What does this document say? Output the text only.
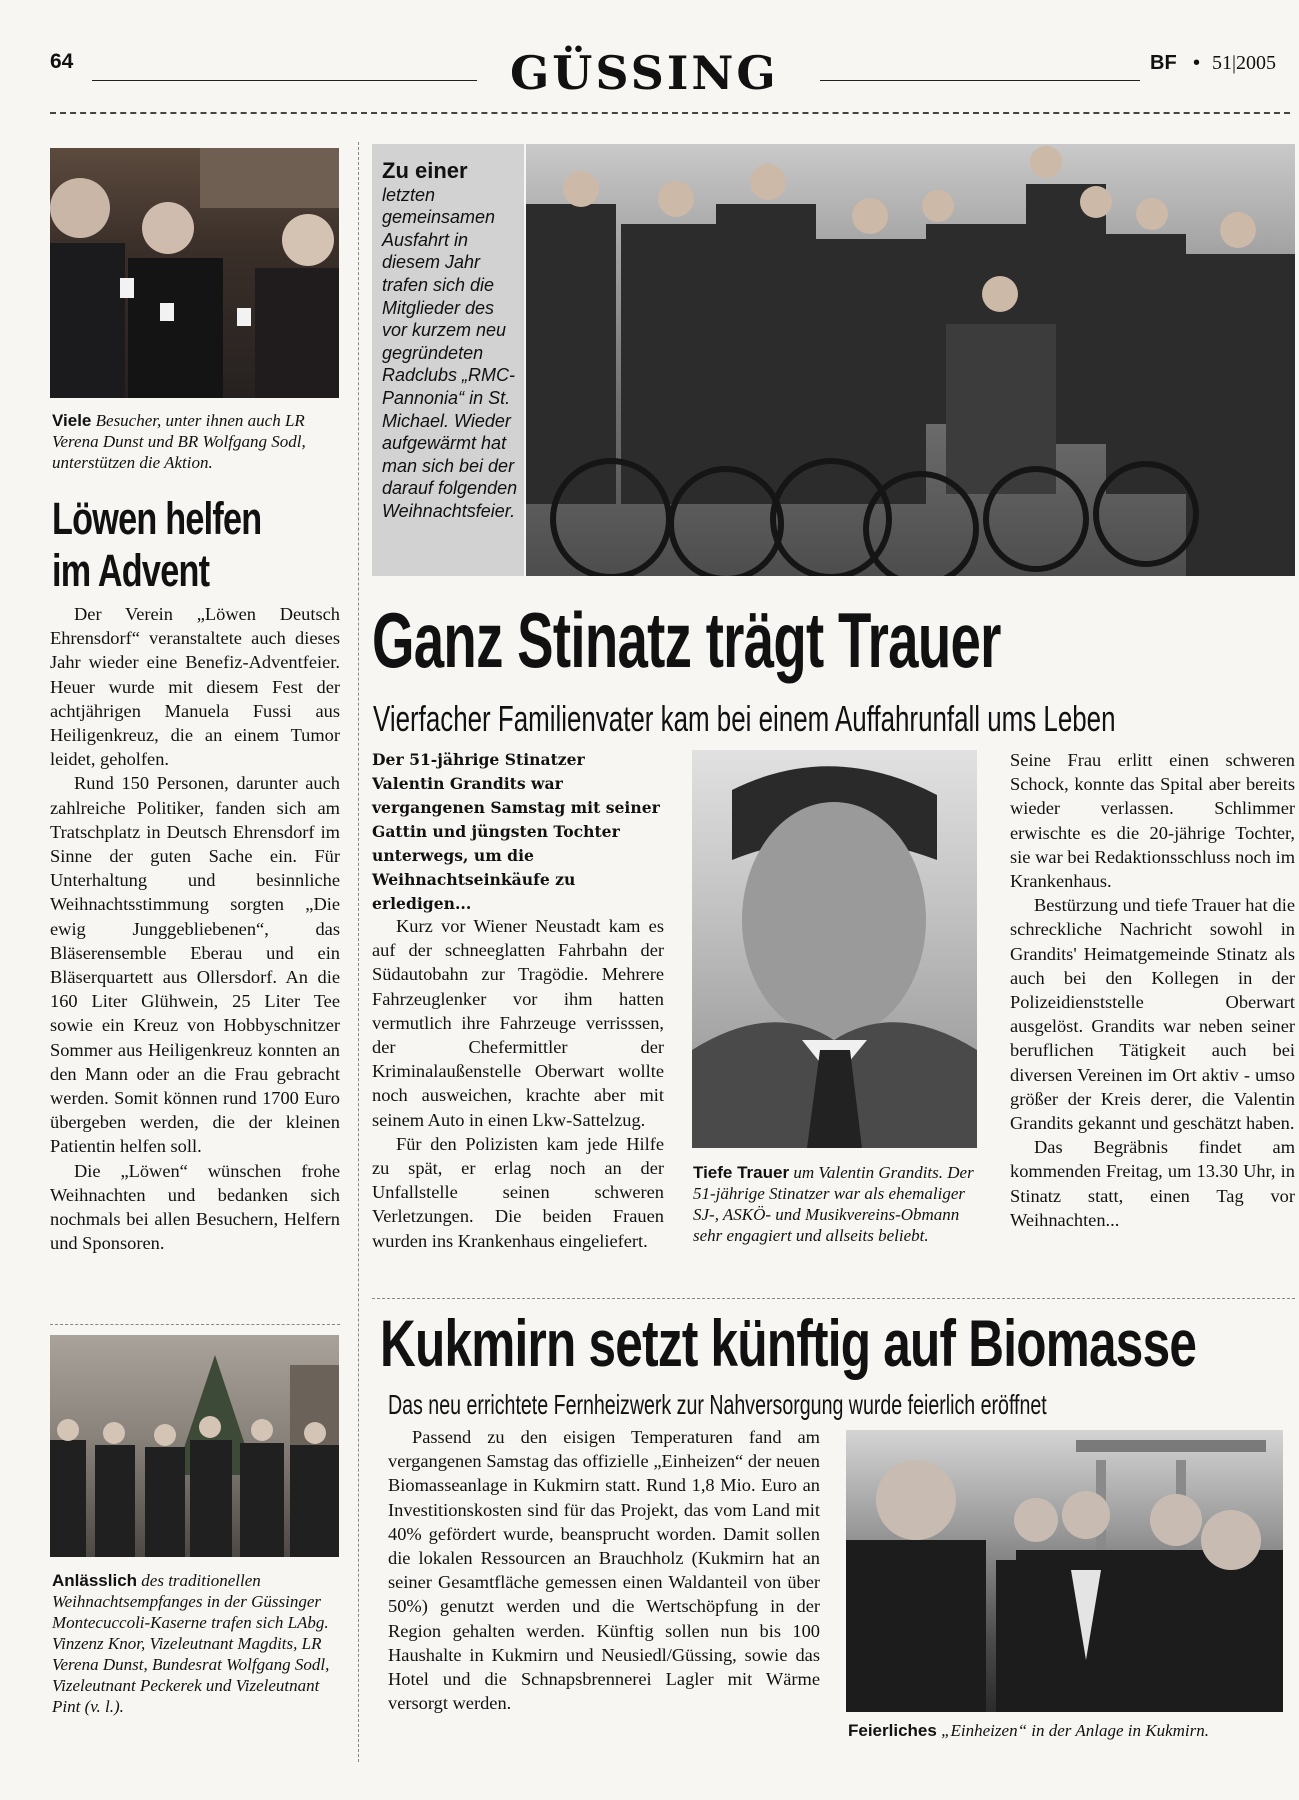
64	GÜSSING	BF • 51|2005
Viele Besucher, unter ihnen auch LR Verena Dunst und BR Wolfgang Sodl, unterstützen die Aktion.
Löwen helfen
im Advent

Der Verein „Löwen Deutsch Ehrensdorf“ veranstaltete auch dieses Jahr wieder eine Benefiz-Adventfeier. Heuer wurde mit diesem Fest der achtjährigen Manuela Fussi aus Heiligenkreuz, die an einem Tumor leidet, geholfen.

Rund 150 Personen, darunter auch zahlreiche Politiker, fanden sich am Tratschplatz in Deutsch Ehrensdorf im Sinne der guten Sache ein. Für Unterhaltung und besinnliche Weihnachtsstimmung sorgten „Die ewig Junggebliebenen“, das Bläserensemble Eberau und ein Bläserquartett aus Ollersdorf. An die 160 Liter Glühwein, 25 Liter Tee sowie ein Kreuz von Hobbyschnitzer Sommer aus Heiligenkreuz konnten an den Mann oder an die Frau gebracht werden. Somit können rund 1700 Euro übergeben werden, die der kleinen Patientin helfen soll.

Die „Löwen“ wünschen frohe Weihnachten und bedanken sich nochmals bei allen Besuchern, Helfern und Sponsoren.

Anlässlich des traditionellen Weihnachtsempfanges in der Güssinger Montecuccoli-Kaserne trafen sich LAbg. Vinzenz Knor, Vizeleutnant Magdits, LR Verena Dunst, Bundesrat Wolfgang Sodl, Vizeleutnant Peckerek und Vizeleutnant Pint (v. l.).
Zu einer letzten gemeinsamen Ausfahrt in diesem Jahr trafen sich die Mitglieder des vor kurzem neu gegründeten Radclubs „RMC-Pannonia“ in St. Michael. Wieder aufgewärmt hat man sich bei der darauf folgenden Weihnachtsfeier.
Ganz Stinatz trägt Trauer
Vierfacher Familienvater kam bei einem Auffahrunfall ums Leben
Der 51-jährige Stinatzer Valentin Grandits war vergangenen Samstag mit seiner Gattin und jüngsten Tochter unterwegs, um die Weihnachtseinkäufe zu erledigen...

Kurz vor Wiener Neustadt kam es auf der schneeglatten Fahrbahn der Südautobahn zur Tragödie. Mehrere Fahrzeuglenker vor ihm hatten vermutlich ihre Fahrzeuge verrisssen, der Chefermittler der Kriminalaußenstelle Oberwart wollte noch ausweichen, krachte aber mit seinem Auto in einen Lkw-Sattelzug.

Für den Polizisten kam jede Hilfe zu spät, er erlag noch an der Unfallstelle seinen schweren Verletzungen. Die beiden Frauen wurden ins Krankenhaus eingeliefert.

Tiefe Trauer um Valentin Grandits. Der 51-jährige Stinatzer war als ehemaliger SJ-, ASKÖ- und Musikvereins-Obmann sehr engagiert und allseits beliebt.

Seine Frau erlitt einen schweren Schock, konnte das Spital aber bereits wieder verlassen. Schlimmer erwischte es die 20-jährige Tochter, sie war bei Redaktionsschluss noch im Krankenhaus.

Bestürzung und tiefe Trauer hat die schreckliche Nachricht sowohl in Grandits' Heimatgemeinde Stinatz als auch bei den Kollegen in der Polizeidienststelle Oberwart ausgelöst. Grandits war neben seiner beruflichen Tätigkeit auch bei diversen Vereinen im Ort aktiv - umso größer der Kreis derer, die Valentin Grandits gekannt und geschätzt haben.

Das Begräbnis findet am kommenden Freitag, um 13.30 Uhr, in Stinatz statt, einen Tag vor Weihnachten...

Kukmirn setzt künftig auf Biomasse
Das neu errichtete Fernheizwerk zur Nahversorgung wurde feierlich eröffnet

Passend zu den eisigen Temperaturen fand am vergangenen Samstag das offizielle „Einheizen“ der neuen Biomasseanlage in Kukmirn statt. Rund 1,8 Mio. Euro an Investitionskosten sind für das Projekt, das vom Land mit 40% gefördert wurde, beansprucht worden. Damit sollen die lokalen Ressourcen an Brauchholz (Kukmirn hat an seiner Gesamtfläche gemessen einen Waldanteil von über 50%) genutzt werden und die Wertschöpfung in der Region gehalten werden. Künftig sollen nun bis 100 Haushalte in Kukmirn und Neusiedl/Güssing, sowie das Hotel und die Schnapsbrennerei Lagler mit Wärme versorgt werden.

Feierliches „Einheizen“ in der Anlage in Kukmirn.
